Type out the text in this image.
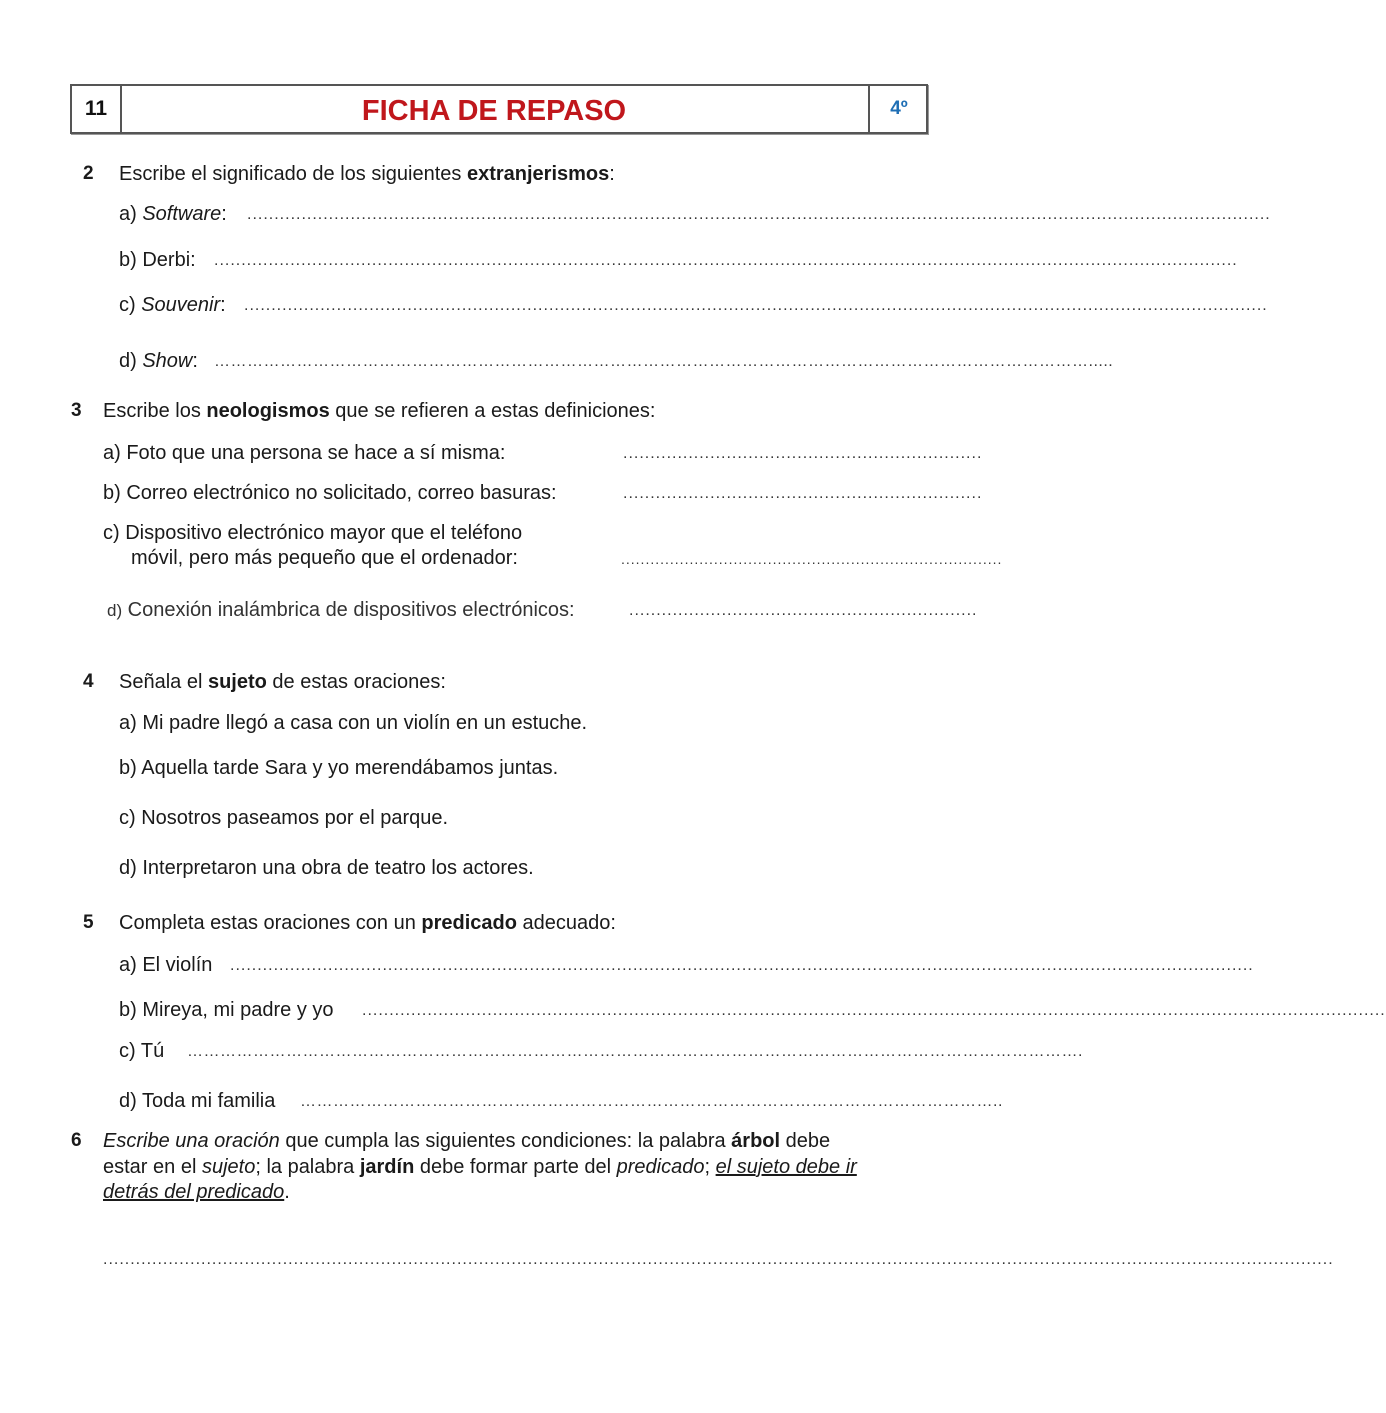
11	FICHA DE REPASO	4º
2 Escribe el significado de los siguientes extranjerismos:
a) Software: ............................................................................................................................................................................................
b) Derbi: ............................................................................................................................................................................................
c) Souvenir: ............................................................................................................................................................................................
d) Show: …………………………………………………………………………………………………………………………………………….....
3 Escribe los neologismos que se refieren a estas definiciones:
a) Foto que una persona se hace a sí misma:	..................................................................
b) Correo electrónico no solicitado, correo basuras:	..................................................................
c) Dispositivo electrónico mayor que el teléfono
móvil, pero más pequeño que el ordenador:	..............................................................................
d) Conexión inalámbrica de dispositivos electrónicos:	................................................................
4 Señala el sujeto de estas oraciones:
a) Mi padre llegó a casa con un violín en un estuche.
b) Aquella tarde Sara y yo merendábamos juntas.
c) Nosotros paseamos por el parque.
d) Interpretaron una obra de teatro los actores.
5 Completa estas oraciones con un predicado adecuado:
a) El violín ............................................................................................................................................................................................
b) Mireya, mi padre y yo ............................................................................................................................................................................................
c) Tú ……………………………………………………………………………………………………………………………………………….
d) Toda mi familia ………………………………………………………………………………………………………………..
6 Escribe una oración que cumpla las siguientes condiciones: la palabra árbol debe
estar en el sujeto; la palabra jardín debe formar parte del predicado; el sujeto debe ir
detrás del predicado.
..................................................................................................................................................................................................................................
